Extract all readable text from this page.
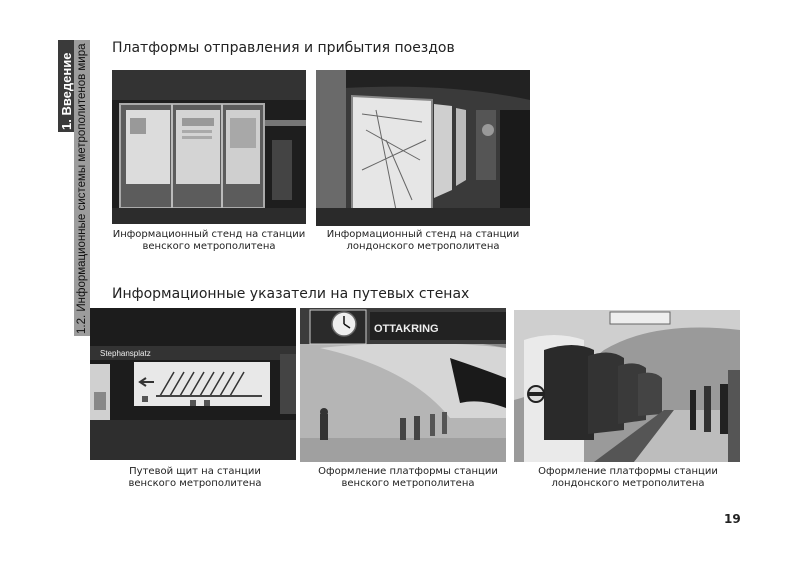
1. Введение 1.2. Информационные системы метрополитенов мира Платформы отправления и прибытия поездов
Информационный стенд на станции
венского метрополитена
Информационный стенд на станции
лондонского метрополитена
Информационные указатели на путевых стенах
Stephansplatz
Путевой щит на станции
венского метрополитена
OTTAKRING
Оформление платформы станции
венского метрополитена
Оформление платформы станции
лондонского метрополитена
19
